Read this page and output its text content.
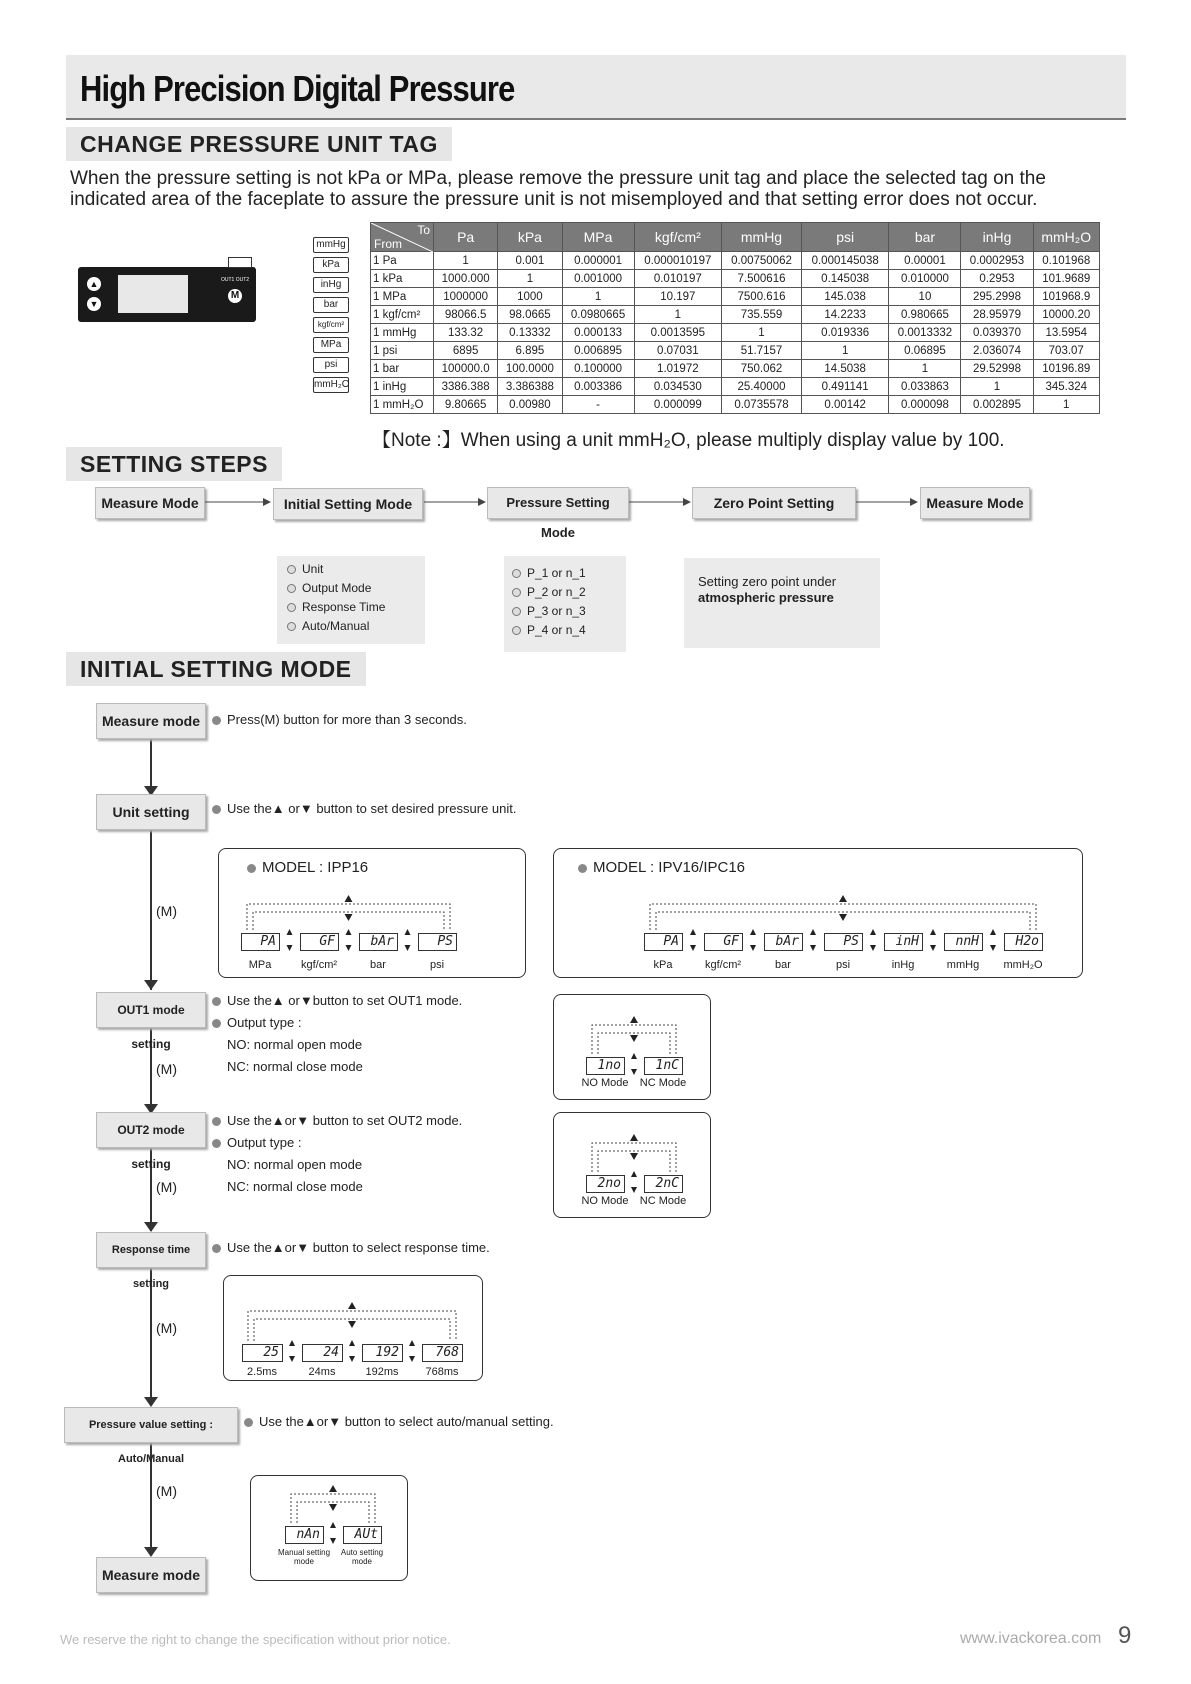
High Precision Digital Pressure
CHANGE PRESSURE UNIT TAG
When the pressure setting is not kPa or MPa, please remove the pressure unit tag and place the selected tag on the
indicated area of the faceplate to assure the pressure unit is not misemployed and that setting error does not occur.
▲
▼
OUT1 OUT2
M
mmHg
kPa
inHg
bar
kgf/cm²
MPa
psi
mmH₂O
To
From	Pa	kPa	MPa	kgf/cm²	mmHg	psi	bar	inHg	mmH₂O
1 Pa	1	0.001	0.000001	0.000010197	0.00750062	0.000145038	0.00001	0.0002953	0.101968
1 kPa	1000.000	1	0.001000	0.010197	7.500616	0.145038	0.010000	0.2953	101.9689
1 MPa	1000000	1000	1	10.197	7500.616	145.038	10	295.2998	101968.9
1 kgf/cm²	98066.5	98.0665	0.0980665	1	735.559	14.2233	0.980665	28.95979	10000.20
1 mmHg	133.32	0.13332	0.000133	0.0013595	1	0.019336	0.0013332	0.039370	13.5954
1 psi	6895	6.895	0.006895	0.07031	51.7157	1	0.06895	2.036074	703.07
1 bar	100000.0	100.0000	0.100000	1.01972	750.062	14.5038	1	29.52998	10196.89
1 inHg	3386.388	3.386388	0.003386	0.034530	25.40000	0.491141	0.033863	1	345.324
1 mmH₂O	9.80665	0.00980	-	0.000099	0.0735578	0.00142	0.000098	0.002895	1
【Note :】When using a unit mmH₂O, please multiply display value by 100.
SETTING STEPS
Measure Mode	Initial Setting Mode	Pressure Setting Mode
Zero Point Setting	Measure Mode
Unit
Output Mode
Response Time
Auto/Manual
P_1 or n_1
P_2 or n_2
P_3 or n_3
P_4 or n_4
Setting zero point under
atmospheric pressure
INITIAL SETTING MODE
Measure mode	Press(M) button for more than 3 seconds.
Unit setting	Use the▲ or▼ button to set desired pressure unit.
(M)
MODEL : IPP16
PA
MPa
GF
kgf/cm²
bAr
bar
PS
psi
MODEL : IPV16/IPC16
PA
kPa
GF
kgf/cm²
bAr
bar
PS
psi
inH
inHg
nnH
mmHg
H2o
mmH₂O
OUT1 mode setting
Use the▲ or▼button to set OUT1 mode.
Output type :
NO: normal open mode
NC: normal close mode
(M)	1no
NO Mode
1nC
NC Mode
OUT2 mode setting
Use the▲or▼ button to set OUT2 mode.
Output type :
NO: normal open mode
NC: normal close mode
(M)	2no
NO Mode
2nC
NC Mode
Response time setting
Use the▲or▼ button to select response time.
(M)
25
2.5ms
24
24ms
192
192ms
768
768ms
Pressure value setting : Auto/Manual
Use the▲or▼ button to select auto/manual setting.
(M)
nAn
Manual setting mode
AUt
Auto setting mode
Measure mode
We reserve the right to change the specification without prior notice.	www.ivackorea.com 9
